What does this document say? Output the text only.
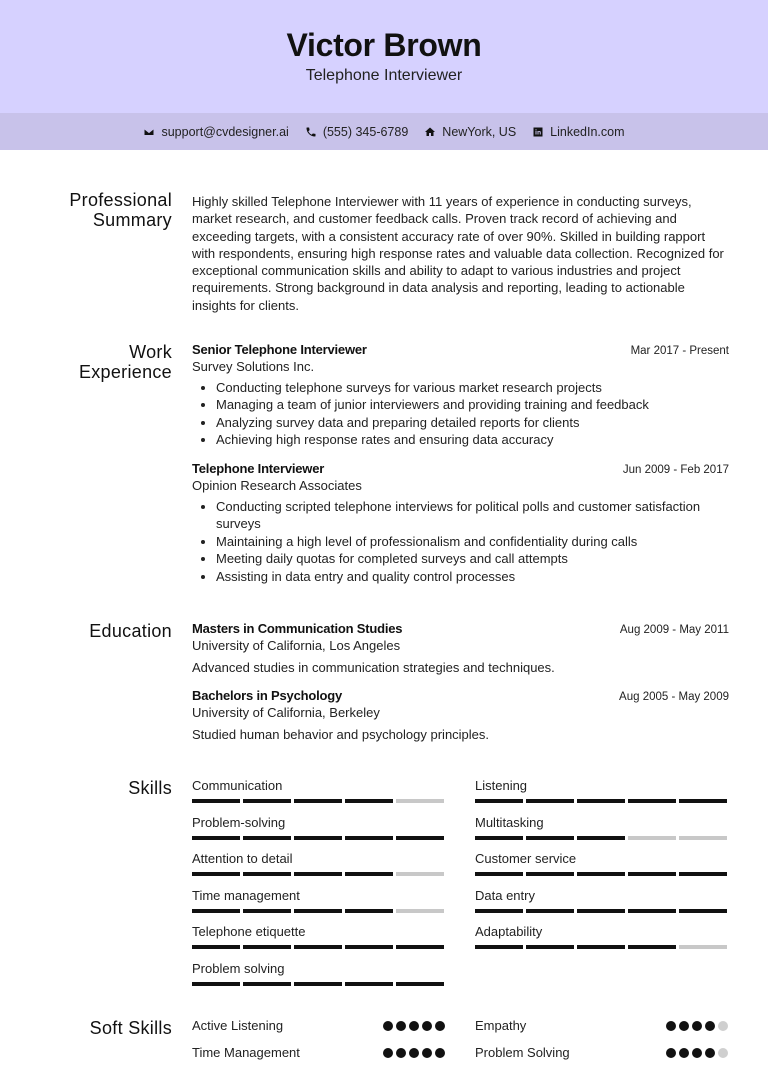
Victor Brown
Telephone Interviewer
support@cvdesigner.ai	(555) 345-6789	NewYork, US	LinkedIn.com
Professional Summary
Highly skilled Telephone Interviewer with 11 years of experience in conducting surveys, market research, and customer feedback calls. Proven track record of achieving and exceeding targets, with a consistent accuracy rate of over 90%. Skilled in building rapport with respondents, ensuring high response rates and valuable data collection. Recognized for exceptional communication skills and ability to adapt to various industries and project requirements. Strong background in data analysis and reporting, leading to actionable insights for clients.
Work Experience
Senior Telephone Interviewer	Mar 2017 - Present
Survey Solutions Inc.
• Conducting telephone surveys for various market research projects
• Managing a team of junior interviewers and providing training and feedback
• Analyzing survey data and preparing detailed reports for clients
• Achieving high response rates and ensuring data accuracy
Telephone Interviewer	Jun 2009 - Feb 2017
Opinion Research Associates
• Conducting scripted telephone interviews for political polls and customer satisfaction surveys
• Maintaining a high level of professionalism and confidentiality during calls
• Meeting daily quotas for completed surveys and call attempts
• Assisting in data entry and quality control processes
Education Masters in Communication Studies	Aug 2009 - May 2011
University of California, Los Angeles
Advanced studies in communication strategies and techniques.
Bachelors in Psychology	Aug 2005 - May 2009
University of California, Berkeley
Studied human behavior and psychology principles.
Skills Communication	Listening
Problem-solving	Multitasking
Attention to detail	Customer service
Time management	Data entry
Telephone etiquette	Adaptability
Problem solving
Soft Skills Active Listening	Empathy
Time Management	Problem Solving
